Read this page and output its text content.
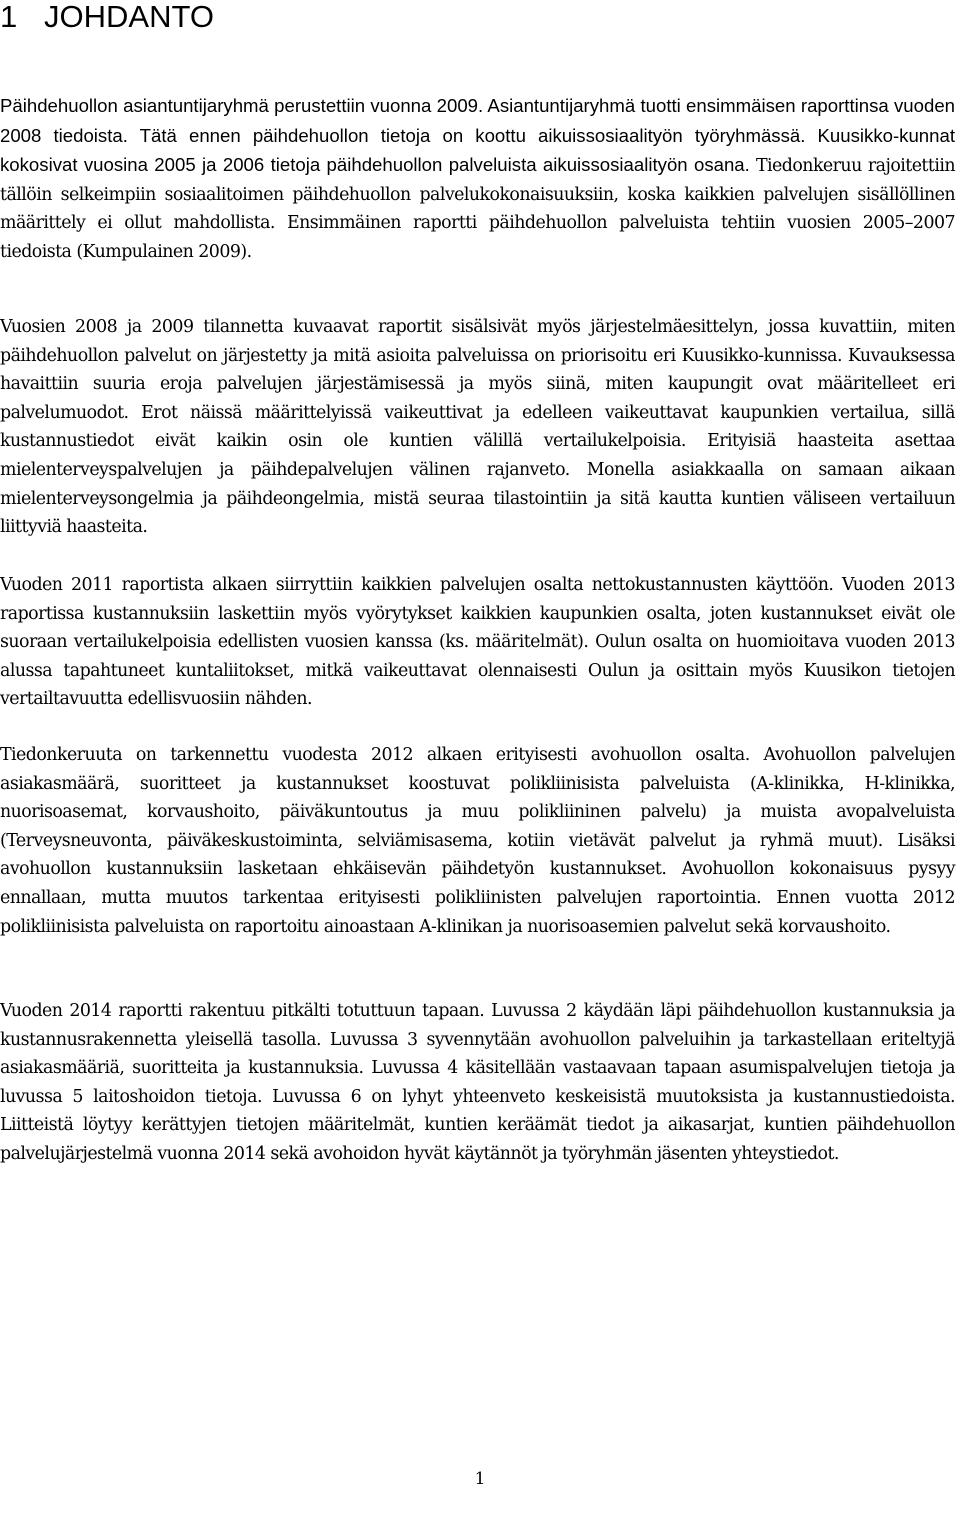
1 JOHDANTO

Päihdehuollon asiantuntijaryhmä perustettiin vuonna 2009. Asiantuntijaryhmä tuotti ensimmäisen raporttinsa vuoden 2008 tiedoista. Tätä ennen päihdehuollon tietoja on koottu aikuissosiaalityön työryhmässä. Kuusikko-kunnat kokosivat vuosina 2005 ja 2006 tietoja päihdehuollon palveluista aikuissosiaalityön osana. Tiedonkeruu rajoitettiin tällöin selkeimpiin sosiaalitoimen päihdehuollon palvelukokonaisuuksiin, koska kaikkien palvelujen sisällöllinen määrittely ei ollut mahdollista. Ensimmäinen raportti päihdehuollon palveluista tehtiin vuosien 2005–2007 tiedoista (Kumpulainen 2009).

Vuosien 2008 ja 2009 tilannetta kuvaavat raportit sisälsivät myös järjestelmäesittelyn, jossa kuvattiin, miten päihdehuollon palvelut on järjestetty ja mitä asioita palveluissa on priorisoitu eri Kuusikko-kunnissa. Kuvauksessa havaittiin suuria eroja palvelujen järjestämisessä ja myös siinä, miten kaupungit ovat määritelleet eri palvelumuodot. Erot näissä määrittelyissä vaikeuttivat ja edelleen vaikeuttavat kaupunkien vertailua, sillä kustannustiedot eivät kaikin osin ole kuntien välillä vertailukelpoisia. Erityisiä haasteita asettaa mielenterveyspalvelujen ja päihdepalvelujen välinen rajanveto. Monella asiakkaalla on samaan aikaan mielenterveysongelmia ja päihdeongelmia, mistä seuraa tilastointiin ja sitä kautta kuntien väliseen vertailuun liittyviä haasteita.

Vuoden 2011 raportista alkaen siirryttiin kaikkien palvelujen osalta nettokustannusten käyttöön. Vuoden 2013 raportissa kustannuksiin laskettiin myös vyörytykset kaikkien kaupunkien osalta, joten kustannukset eivät ole suoraan vertailukelpoisia edellisten vuosien kanssa (ks. määritelmät). Oulun osalta on huomioitava vuoden 2013 alussa tapahtuneet kuntaliitokset, mitkä vaikeuttavat olennaisesti Oulun ja osittain myös Kuusikon tietojen vertailtavuutta edellisvuosiin nähden.

Tiedonkeruuta on tarkennettu vuodesta 2012 alkaen erityisesti avohuollon osalta. Avohuollon palvelujen asiakasmäärä, suoritteet ja kustannukset koostuvat polikliinisista palveluista (A-klinikka, H-klinikka, nuorisoasemat, korvaushoito, päiväkuntoutus ja muu polikliininen palvelu) ja muista avopalveluista (Terveysneuvonta, päiväkeskustoiminta, selviämisasema, kotiin vietävät palvelut ja ryhmä muut). Lisäksi avohuollon kustannuksiin lasketaan ehkäisevän päihdetyön kustannukset. Avohuollon kokonaisuus pysyy ennallaan, mutta muutos tarkentaa erityisesti polikliinisten palvelujen raportointia. Ennen vuotta 2012 polikliinisista palveluista on raportoitu ainoastaan A-klinikan ja nuorisoasemien palvelut sekä korvaushoito.

Vuoden 2014 raportti rakentuu pitkälti totuttuun tapaan. Luvussa 2 käydään läpi päihdehuollon kustannuksia ja kustannusrakennetta yleisellä tasolla. Luvussa 3 syvennytään avohuollon palveluihin ja tarkastellaan eriteltyjä asiakasmääriä, suoritteita ja kustannuksia. Luvussa 4 käsitellään vastaavaan tapaan asumispalvelujen tietoja ja luvussa 5 laitoshoidon tietoja. Luvussa 6 on lyhyt yhteenveto keskeisistä muutoksista ja kustannustiedoista. Liitteistä löytyy kerättyjen tietojen määritelmät, kuntien keräämät tiedot ja aikasarjat, kuntien päihdehuollon palvelujärjestelmä vuonna 2014 sekä avohoidon hyvät käytännöt ja työryhmän jäsenten yhteystiedot.

1
